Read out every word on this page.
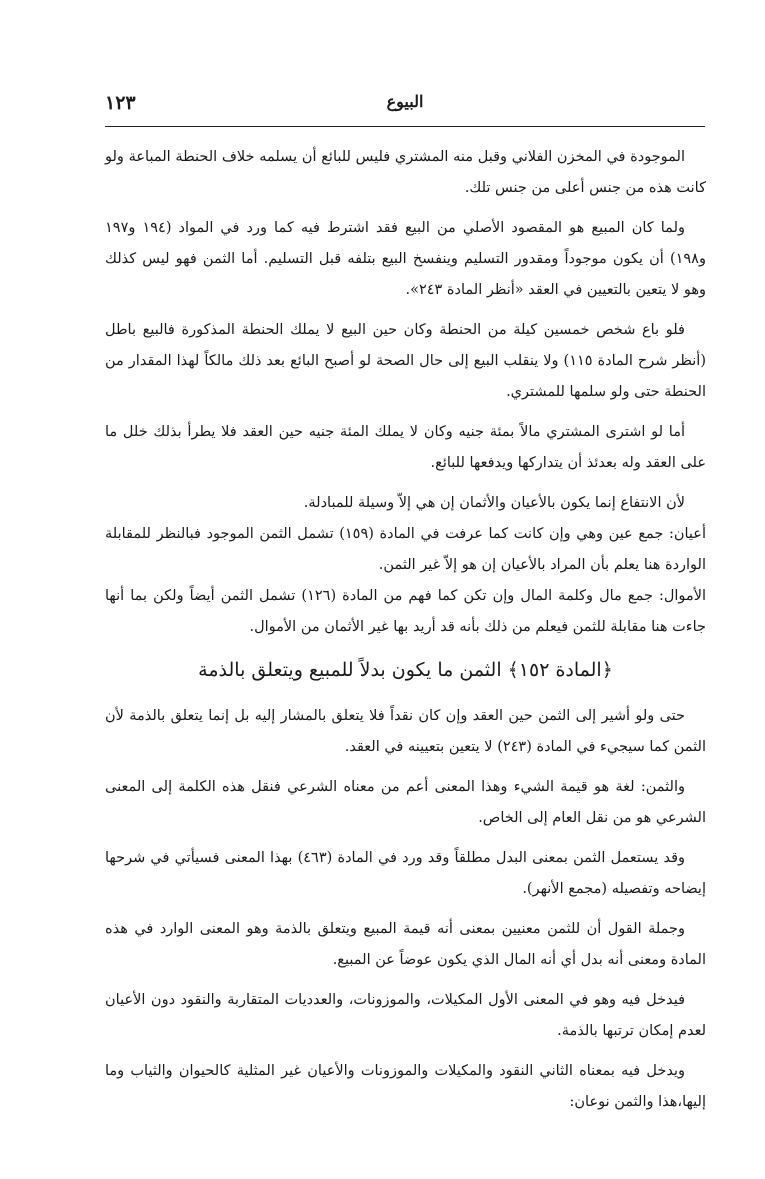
١٢٣	البيوع

الموجودة في المخزن الفلاني وقبل منه المشتري فليس للبائع أن يسلمه خلاف الحنطة المباعة ولو كانت هذه من جنس أعلى من جنس تلك.

ولما كان المبيع هو المقصود الأصلي من البيع فقد اشترط فيه كما ورد في المواد (١٩٤ و١٩٧ و١٩٨) أن يكون موجوداً ومقدور التسليم وينفسخ البيع بتلفه قبل التسليم. أما الثمن فهو ليس كذلك وهو لا يتعين بالتعيين في العقد «أنظر المادة ٢٤٣».

فلو باع شخص خمسين كيلة من الحنطة وكان حين البيع لا يملك الحنطة المذكورة فالبيع باطل (أنظر شرح المادة ١١٥) ولا ينقلب البيع إلى حال الصحة لو أصبح البائع بعد ذلك مالكاً لهذا المقدار من الحنطة حتى ولو سلمها للمشتري.

أما لو اشترى المشتري مالاً بمئة جنيه وكان لا يملك المئة جنيه حين العقد فلا يطرأ بذلك خلل ما على العقد وله بعدئذ أن يتداركها ويدفعها للبائع.

لأن الانتفاع إنما يكون بالأعيان والأثمان إن هي إلاّ وسيلة للمبادلة.

أعيان: جمع عين وهي وإن كانت كما عرفت في المادة (١٥٩) تشمل الثمن الموجود فبالنظر للمقابلة الواردة هنا يعلم بأن المراد بالأعيان إن هو إلاّ غير الثمن.

الأموال: جمع مال وكلمة المال وإن تكن كما فهم من المادة (١٢٦) تشمل الثمن أيضاً ولكن بما أنها جاءت هنا مقابلة للثمن فيعلم من ذلك بأنه قد أريد بها غير الأثمان من الأموال.

﴿المادة ١٥٢﴾ الثمن ما يكون بدلاً للمبيع ويتعلق بالذمة

حتى ولو أشير إلى الثمن حين العقد وإن كان نقداً فلا يتعلق بالمشار إليه بل إنما يتعلق بالذمة لأن الثمن كما سيجيء في المادة (٢٤٣) لا يتعين بتعيينه في العقد.

والثمن: لغة هو قيمة الشيء وهذا المعنى أعم من معناه الشرعي فنقل هذه الكلمة إلى المعنى الشرعي هو من نقل العام إلى الخاص.

وقد يستعمل الثمن بمعنى البدل مطلقاً وقد ورد في المادة (٤٦٣) بهذا المعنى فسيأتي في شرحها إيضاحه وتفصيله (مجمع الأنهر).

وجملة القول أن للثمن معنيين بمعنى أنه قيمة المبيع ويتعلق بالذمة وهو المعنى الوارد في هذه المادة ومعنى أنه بدل أي أنه المال الذي يكون عوضاً عن المبيع.

فيدخل فيه وهو في المعنى الأول المكيلات، والموزونات، والعدديات المتقاربة والنقود دون الأعيان لعدم إمكان ترتبها بالذمة.

ويدخل فيه بمعناه الثاني النقود والمكيلات والموزونات والأعيان غير المثلية كالحيوان والثياب وما إليها،هذا والثمن نوعان:
